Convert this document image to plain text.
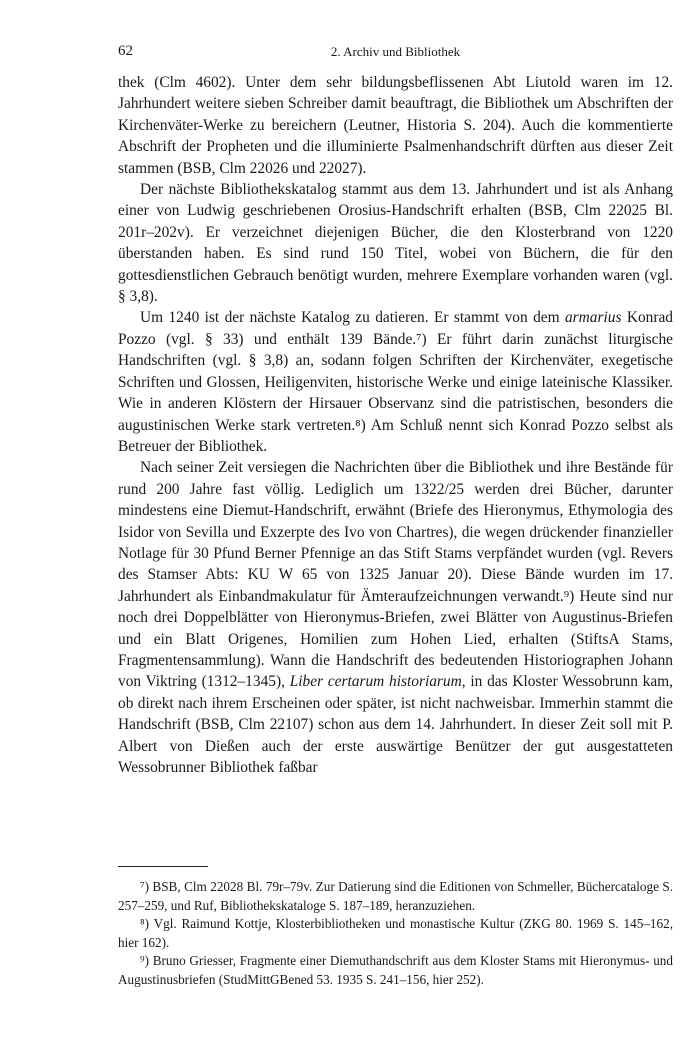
62	2. Archiv und Bibliothek

thek (Clm 4602). Unter dem sehr bildungsbeflissenen Abt Liutold waren im 12. Jahrhundert weitere sieben Schreiber damit beauftragt, die Bibliothek um Abschriften der Kirchenväter-Werke zu bereichern (Leutner, Historia S. 204). Auch die kommentierte Abschrift der Propheten und die illuminierte Psalmenhandschrift dürften aus dieser Zeit stammen (BSB, Clm 22026 und 22027).

Der nächste Bibliothekskatalog stammt aus dem 13. Jahrhundert und ist als Anhang einer von Ludwig geschriebenen Orosius-Handschrift erhalten (BSB, Clm 22025 Bl. 201r–202v). Er verzeichnet diejenigen Bücher, die den Klosterbrand von 1220 überstanden haben. Es sind rund 150 Titel, wobei von Büchern, die für den gottesdienstlichen Gebrauch benötigt wurden, mehrere Exemplare vorhanden waren (vgl. § 3,8).

Um 1240 ist der nächste Katalog zu datieren. Er stammt von dem armarius Konrad Pozzo (vgl. § 33) und enthält 139 Bände.⁷) Er führt darin zunächst liturgische Handschriften (vgl. § 3,8) an, sodann folgen Schriften der Kirchenväter, exegetische Schriften und Glossen, Heiligenviten, historische Werke und einige lateinische Klassiker. Wie in anderen Klöstern der Hirsauer Observanz sind die patristischen, besonders die augustinischen Werke stark vertreten.⁸) Am Schluß nennt sich Konrad Pozzo selbst als Betreuer der Bibliothek.

Nach seiner Zeit versiegen die Nachrichten über die Bibliothek und ihre Bestände für rund 200 Jahre fast völlig. Lediglich um 1322/25 werden drei Bücher, darunter mindestens eine Diemut-Handschrift, erwähnt (Briefe des Hieronymus, Ethymologia des Isidor von Sevilla und Exzerpte des Ivo von Chartres), die wegen drückender finanzieller Notlage für 30 Pfund Berner Pfennige an das Stift Stams verpfändet wurden (vgl. Revers des Stamser Abts: KU W 65 von 1325 Januar 20). Diese Bände wurden im 17. Jahrhundert als Einbandmakulatur für Ämteraufzeichnungen verwandt.⁹) Heute sind nur noch drei Doppelblätter von Hieronymus-Briefen, zwei Blätter von Augustinus-Briefen und ein Blatt Origenes, Homilien zum Hohen Lied, erhalten (StiftsA Stams, Fragmentensammlung). Wann die Handschrift des bedeutenden Historiographen Johann von Viktring (1312–1345), Liber certarum historiarum, in das Kloster Wessobrunn kam, ob direkt nach ihrem Erscheinen oder später, ist nicht nachweisbar. Immerhin stammt die Handschrift (BSB, Clm 22107) schon aus dem 14. Jahrhundert. In dieser Zeit soll mit P. Albert von Dießen auch der erste auswärtige Benützer der gut ausgestatteten Wessobrunner Bibliothek faßbar

⁷) BSB, Clm 22028 Bl. 79r–79v. Zur Datierung sind die Editionen von Schmeller, Büchercataloge S. 257–259, und Ruf, Bibliothekskataloge S. 187–189, heranzuziehen.

⁸) Vgl. Raimund Kottje, Klosterbibliotheken und monastische Kultur (ZKG 80. 1969 S. 145–162, hier 162).

⁹) Bruno Griesser, Fragmente einer Diemuthandschrift aus dem Kloster Stams mit Hieronymus- und Augustinusbriefen (StudMittGBened 53. 1935 S. 241–156, hier 252).
